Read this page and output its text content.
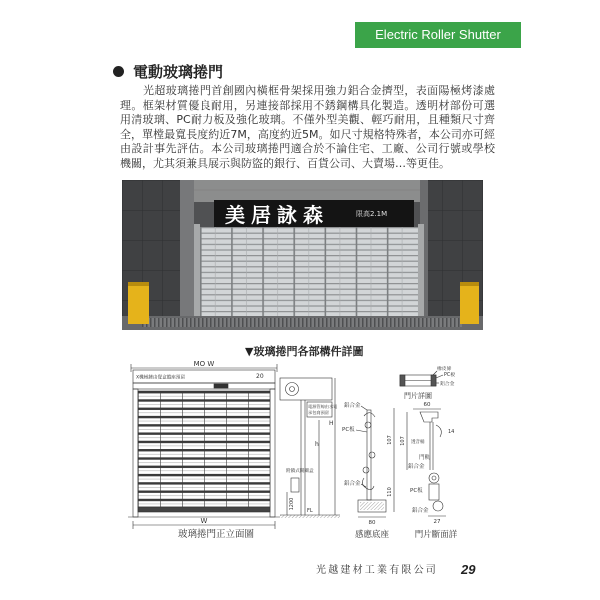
Electric Roller Shutter
電動玻璃捲門
光超玻璃捲門首創國內橫框骨架採用強力鋁合金擠型，表面陽極烤漆處
理。框架材質優良耐用，另連接部採用不銹鋼構具化製造。透明材部份可選
用清玻璃、PC耐力板及強化玻璃。不僅外型美觀、輕巧耐用，且種類尺寸齊
全，單樘最寬長度約近7M，高度約近5M。如尺寸規格特殊者，本公司亦可經
由設計事先評估。本公司玻璃捲門適合於不論住宅、工廠、公司行號或學校
機關，尤其須兼具展示與防盜的銀行、百貨公司、大賣場…等更佳。
美居詠森	限高2.1M
▼玻璃捲門各部構件詳圖
MO W
X機械鏈由覺盒縱座預留	20
W
玻璃捲門正立面圖
電源管線由水電
承包商預留
h
H
附鎖式開關盒
1200
FL
鋁合金
PC板
鋁合金
80
感應底座
107
110
橡皮條
PC板
鋁合金
門片詳圖
60
14
107 透音桶
門軌
鋁合金
PC板
鋁合金
27
門片斷面詳
光越建材工業有限公司 29
